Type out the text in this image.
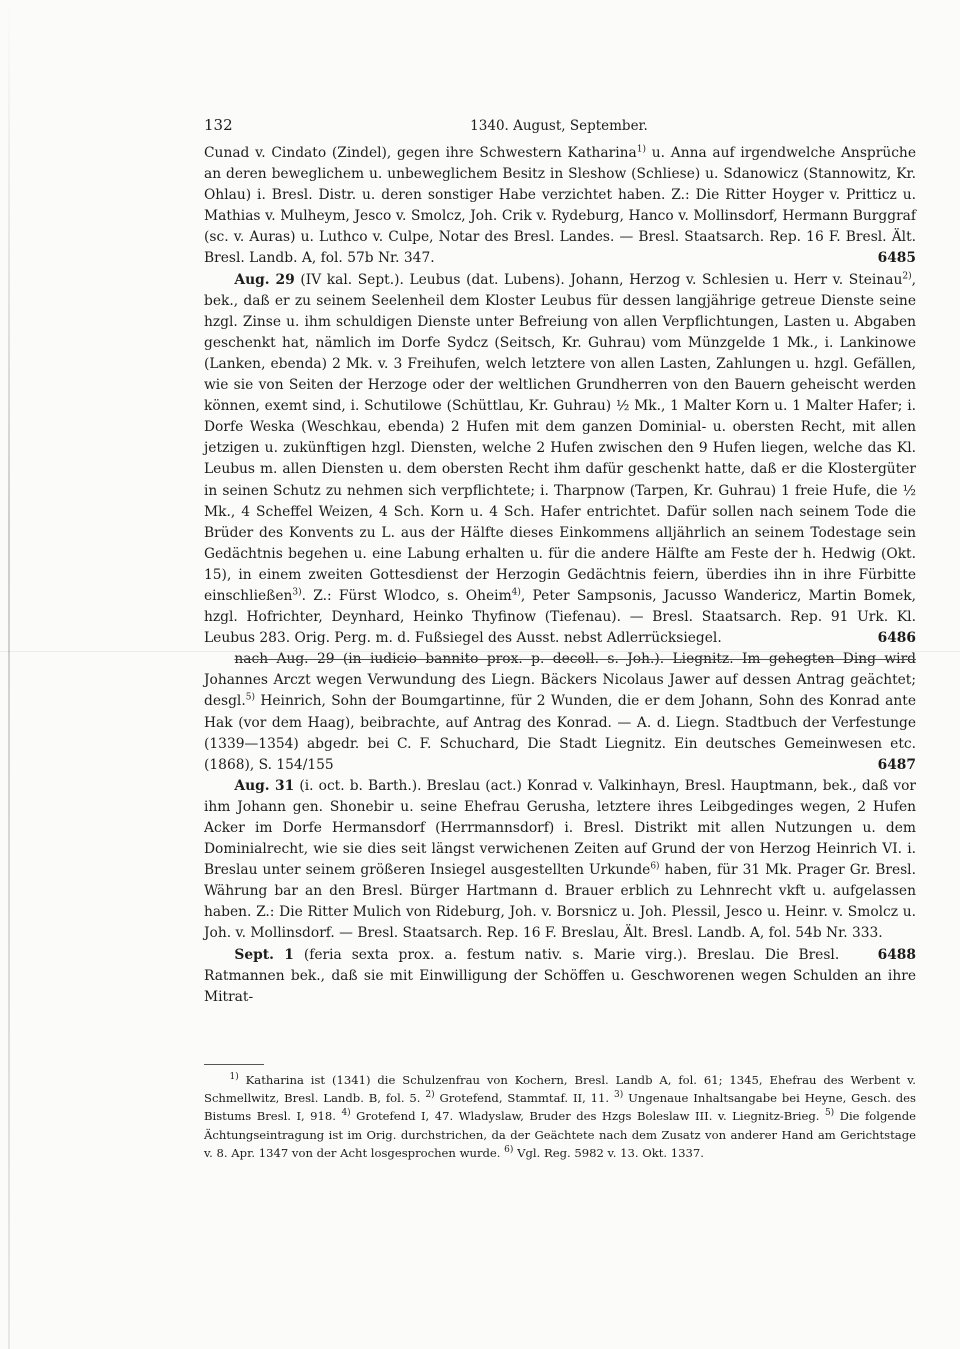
132	1340. August, September.

Cunad v. Cindato (Zindel), gegen ihre Schwestern Katharina$^{1)}$ u. Anna auf irgendwelche Ansprüche an deren beweglichem u. unbeweglichem Besitz in Sleshow (Schliese) u. Sdanowicz (Stannowitz, Kr. Ohlau) i. Bresl. Distr. u. deren sonstiger Habe verzichtet haben. Z.: Die Ritter Hoyger v. Pritticz u. Mathias v. Mulheym, Jesco v. Smolcz, Joh. Crik v. Rydeburg, Hanco v. Mollinsdorf, Hermann Burggraf (sc. v. Auras) u. Luthco v. Culpe, Notar des Bresl. Landes. — Bresl. Staatsarch. Rep. 16 F. Bresl. Ält. Bresl. Landb. A, fol. 57b Nr. 347.	6485

Aug. 29 (IV kal. Sept.). Leubus (dat. Lubens). Johann, Herzog v. Schlesien u. Herr v. Steinau$^{2)}$, bek., daß er zu seinem Seelenheil dem Kloster Leubus für dessen langjährige getreue Dienste seine hzgl. Zinse u. ihm schuldigen Dienste unter Befreiung von allen Verpflichtungen, Lasten u. Abgaben geschenkt hat, nämlich im Dorfe Sydcz (Seitsch, Kr. Guhrau) vom Münzgelde 1 Mk., i. Lankinowe (Lanken, ebenda) 2 Mk. v. 3 Freihufen, welch letztere von allen Lasten, Zahlungen u. hzgl. Gefällen, wie sie von Seiten der Herzoge oder der weltlichen Grundherren von den Bauern geheischt werden können, exemt sind, i. Schutilowe (Schüttlau, Kr. Guhrau) ½ Mk., 1 Malter Korn u. 1 Malter Hafer; i. Dorfe Weska (Weschkau, ebenda) 2 Hufen mit dem ganzen Dominial- u. obersten Recht, mit allen jetzigen u. zukünftigen hzgl. Diensten, welche 2 Hufen zwischen den 9 Hufen liegen, welche das Kl. Leubus m. allen Diensten u. dem obersten Recht ihm dafür geschenkt hatte, daß er die Klostergüter in seinen Schutz zu nehmen sich verpflichtete; i. Tharpnow (Tarpen, Kr. Guhrau) 1 freie Hufe, die ½ Mk., 4 Scheffel Weizen, 4 Sch. Korn u. 4 Sch. Hafer entrichtet. Dafür sollen nach seinem Tode die Brüder des Konvents zu L. aus der Hälfte dieses Einkommens alljährlich an seinem Todestage sein Gedächtnis begehen u. eine Labung erhalten u. für die andere Hälfte am Feste der h. Hedwig (Okt. 15), in einem zweiten Gottesdienst der Herzogin Gedächtnis feiern, überdies ihn in ihre Fürbitte einschließen$^{3)}$. Z.: Fürst Wlodco, s. Oheim$^{4)}$, Peter Sampsonis, Jacusso Wandericz, Martin Bomek, hzgl. Hofrichter, Deynhard, Heinko Thyfinow (Tiefenau). — Bresl. Staatsarch. Rep. 91 Urk. Kl. Leubus 283. Orig. Perg. m. d. Fußsiegel des Ausst. nebst Adlerrücksiegel.	6486

nach Aug. 29 (in iudicio bannito prox. p. decoll. s. Joh.). Liegnitz. Im gehegten Ding wird Johannes Arczt wegen Verwundung des Liegn. Bäckers Nicolaus Jawer auf dessen Antrag geächtet; desgl.$^{5)}$ Heinrich, Sohn der Boumgartinne, für 2 Wunden, die er dem Johann, Sohn des Konrad ante Hak (vor dem Haag), beibrachte, auf Antrag des Konrad. — A. d. Liegn. Stadtbuch der Verfestunge (1339—1354) abgedr. bei C. F. Schuchard, Die Stadt Liegnitz. Ein deutsches Gemeinwesen etc. (1868), S. 154/155	6487

Aug. 31 (i. oct. b. Barth.). Breslau (act.) Konrad v. Valkinhayn, Bresl. Hauptmann, bek., daß vor ihm Johann gen. Shonebir u. seine Ehefrau Gerusha, letztere ihres Leibgedinges wegen, 2 Hufen Acker im Dorfe Hermansdorf (Herrmannsdorf) i. Bresl. Distrikt mit allen Nutzungen u. dem Dominialrecht, wie sie dies seit längst verwichenen Zeiten auf Grund der von Herzog Heinrich VI. i. Breslau unter seinem größeren Insiegel ausgestellten Urkunde$^{6)}$ haben, für 31 Mk. Prager Gr. Bresl. Währung bar an den Bresl. Bürger Hartmann d. Brauer erblich zu Lehnrecht vkft u. aufgelassen haben. Z.: Die Ritter Mulich von Rideburg, Joh. v. Borsnicz u. Joh. Plessil, Jesco u. Heinr. v. Smolcz u. Joh. v. Mollinsdorf. — Bresl. Staatsarch. Rep. 16 F. Breslau, Ält. Bresl. Landb. A, fol. 54b Nr. 333.
6488

Sept. 1 (feria sexta prox. a. festum nativ. s. Marie virg.). Breslau. Die Bresl. Ratmannen bek., daß sie mit Einwilligung der Schöffen u. Geschworenen wegen Schulden an ihre Mitrat-

$^{1)}$ Katharina ist (1341) die Schulzenfrau von Kochern, Bresl. Landb A, fol. 61; 1345, Ehefrau des Werbent v. Schmellwitz, Bresl. Landb. B, fol. 5. $^{2)}$ Grotefend, Stammtaf. II, 11. $^{3)}$ Ungenaue Inhaltsangabe bei Heyne, Gesch. des Bistums Bresl. I, 918. $^{4)}$ Grotefend I, 47. Wladyslaw, Bruder des Hzgs Boleslaw III. v. Liegnitz-Brieg. $^{5)}$ Die folgende Ächtungseintragung ist im Orig. durchstrichen, da der Geächtete nach dem Zusatz von anderer Hand am Gerichtstage v. 8. Apr. 1347 von der Acht losgesprochen wurde. $^{6)}$ Vgl. Reg. 5982 v. 13. Okt. 1337.
